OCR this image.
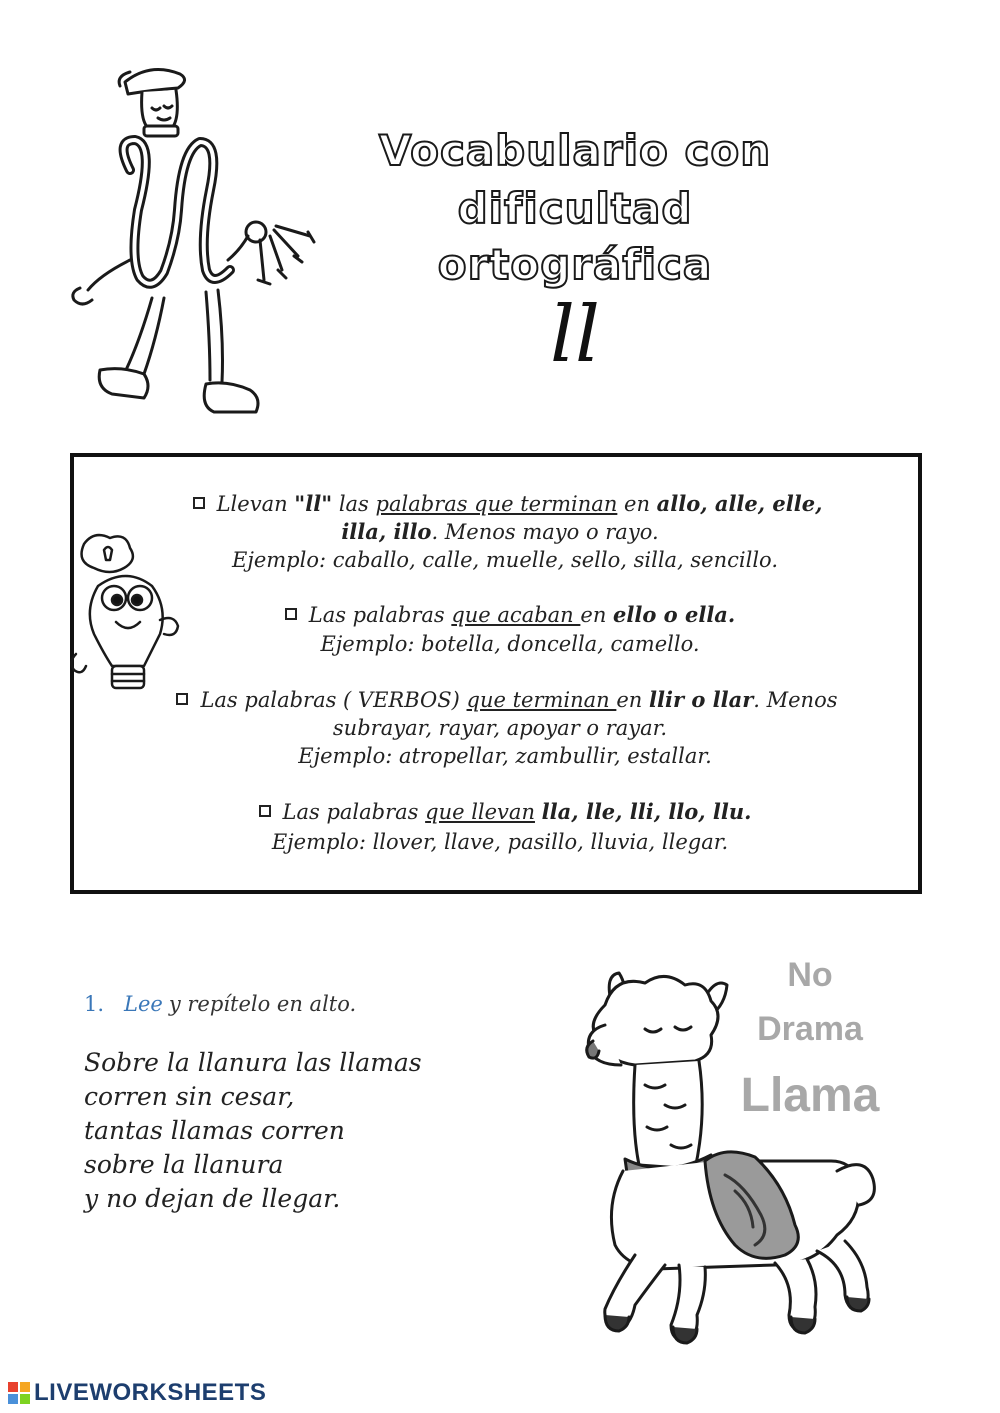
Vocabulario con
dificultad
ortográfica
ll
Llevan "ll" las palabras que terminan en allo, alle, elle,
illa, illo. Menos mayo o rayo.
Ejemplo: caballo, calle, muelle, sello, silla, sencillo.
Las palabras que acaban en ello o ella.
Ejemplo: botella, doncella, camello.
Las palabras ( VERBOS) que terminan en llir o llar. Menos
subrayar, rayar, apoyar o rayar.
Ejemplo: atropellar, zambullir, estallar.
Las palabras que llevan lla, lle, lli, llo, llu.
Ejemplo: llover, llave, pasillo, lluvia, llegar.
1. Lee y repítelo en alto.
Sobre la llanura las llamas
corren sin cesar,
tantas llamas corren
sobre la llanura
y no dejan de llegar.
No
Drama
Llama
LIVEWORKSHEETS
